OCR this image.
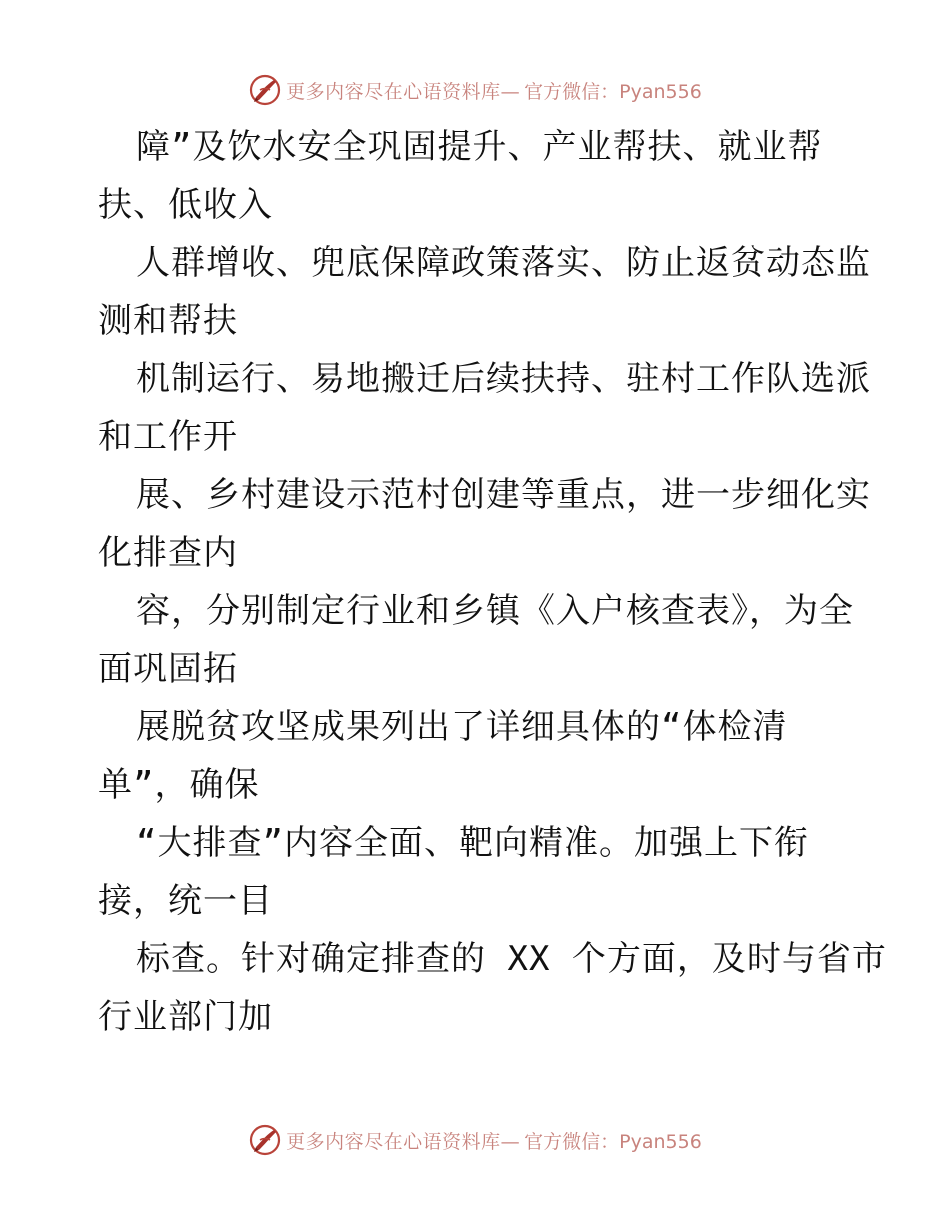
更多内容尽在心语资料库— 官方微信：Pyan556
障”及饮水安全巩固提升、产业帮扶、就业帮
扶、低收入
人群增收、兜底保障政策落实、防止返贫动态监
测和帮扶
机制运行、易地搬迁后续扶持、驻村工作队选派
和工作开
展、乡村建设示范村创建等重点，进一步细化实
化排查内
容，分别制定行业和乡镇《入户核查表》，为全
面巩固拓
展脱贫攻坚成果列出了详细具体的“体检清
单”，确保
“大排查”内容全面、靶向精准。加强上下衔
接，统一目
标查。针对确定排查的 XX 个方面，及时与省市
行业部门加
更多内容尽在心语资料库— 官方微信：Pyan556
